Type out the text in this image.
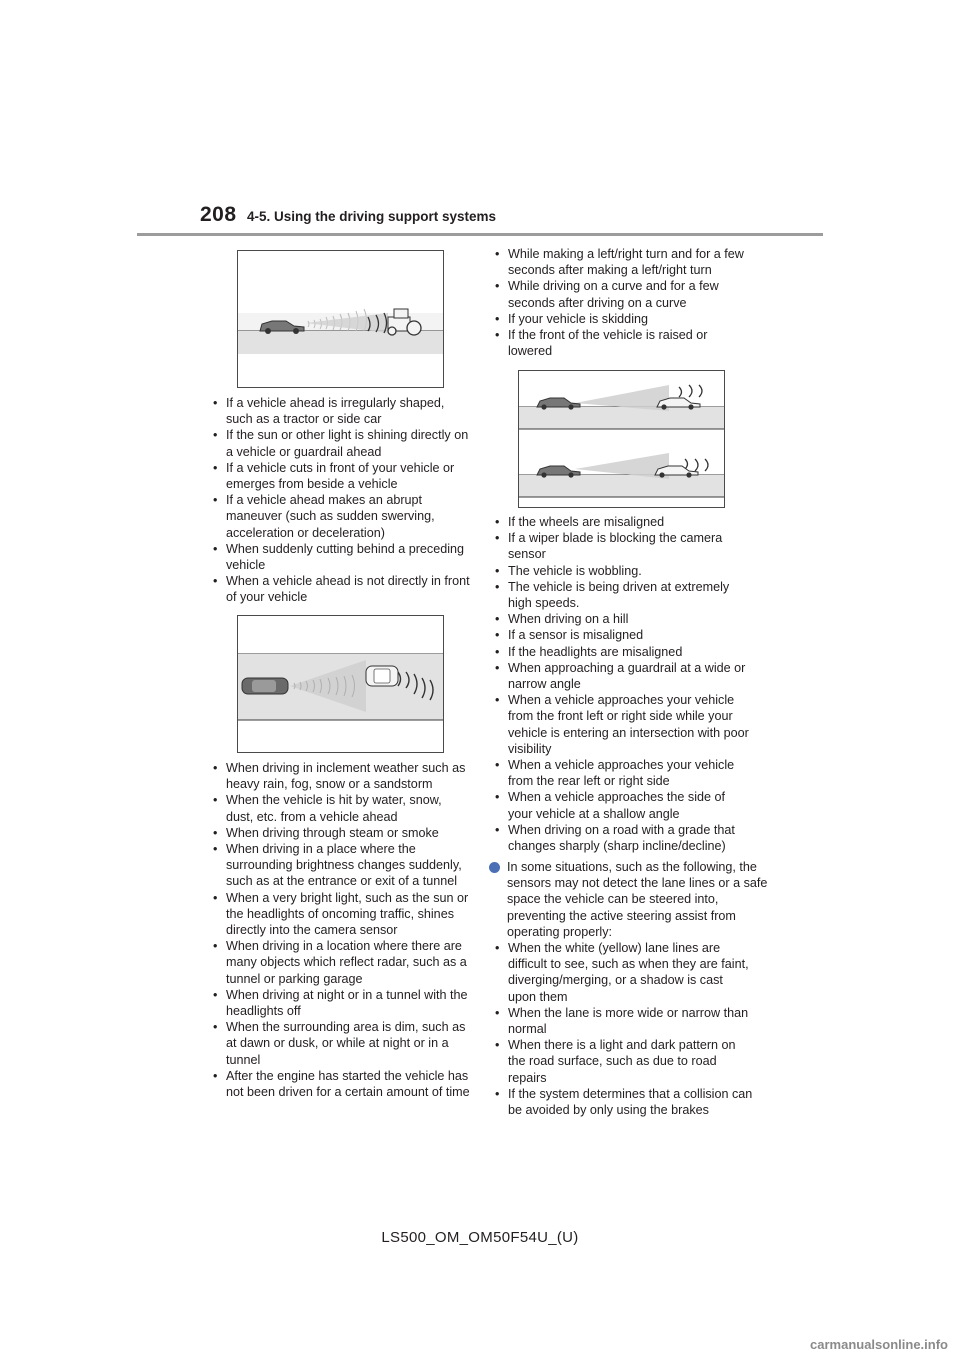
208 4-5. Using the driving support systems
• If a vehicle ahead is irregularly shaped, such as a tractor or side car
• If the sun or other light is shining directly on a vehicle or guardrail ahead
• If a vehicle cuts in front of your vehicle or emerges from beside a vehicle
• If a vehicle ahead makes an abrupt maneuver (such as sudden swerving, acceleration or deceleration)
• When suddenly cutting behind a preceding vehicle
• When a vehicle ahead is not directly in front of your vehicle
• When driving in inclement weather such as heavy rain, fog, snow or a sandstorm
• When the vehicle is hit by water, snow, dust, etc. from a vehicle ahead
• When driving through steam or smoke
• When driving in a place where the surrounding brightness changes suddenly, such as at the entrance or exit of a tunnel
• When a very bright light, such as the sun or the headlights of oncoming traffic, shines directly into the camera sensor
• When driving in a location where there are many objects which reflect radar, such as a tunnel or parking garage
• When driving at night or in a tunnel with the headlights off
• When the surrounding area is dim, such as at dawn or dusk, or while at night or in a tunnel
• After the engine has started the vehicle has not been driven for a certain amount of time
• While making a left/right turn and for a few seconds after making a left/right turn
• While driving on a curve and for a few seconds after driving on a curve
• If your vehicle is skidding
• If the front of the vehicle is raised or lowered
• If the wheels are misaligned
• If a wiper blade is blocking the camera sensor
• The vehicle is wobbling.
• The vehicle is being driven at extremely high speeds.
• When driving on a hill
• If a sensor is misaligned
• If the headlights are misaligned
• When approaching a guardrail at a wide or narrow angle
• When a vehicle approaches your vehicle from the front left or right side while your vehicle is entering an intersection with poor visibility
• When a vehicle approaches your vehicle from the rear left or right side
• When a vehicle approaches the side of your vehicle at a shallow angle
• When driving on a road with a grade that changes sharply (sharp incline/decline)
In some situations, such as the following, the sensors may not detect the lane lines or a safe space the vehicle can be steered into, preventing the active steering assist from operating properly:
• When the white (yellow) lane lines are difficult to see, such as when they are faint, diverging/merging, or a shadow is cast upon them
• When the lane is more wide or narrow than normal
• When there is a light and dark pattern on the road surface, such as due to road repairs
• If the system determines that a collision can be avoided by only using the brakes
LS500_OM_OM50F54U_(U)
carmanualsonline.info
